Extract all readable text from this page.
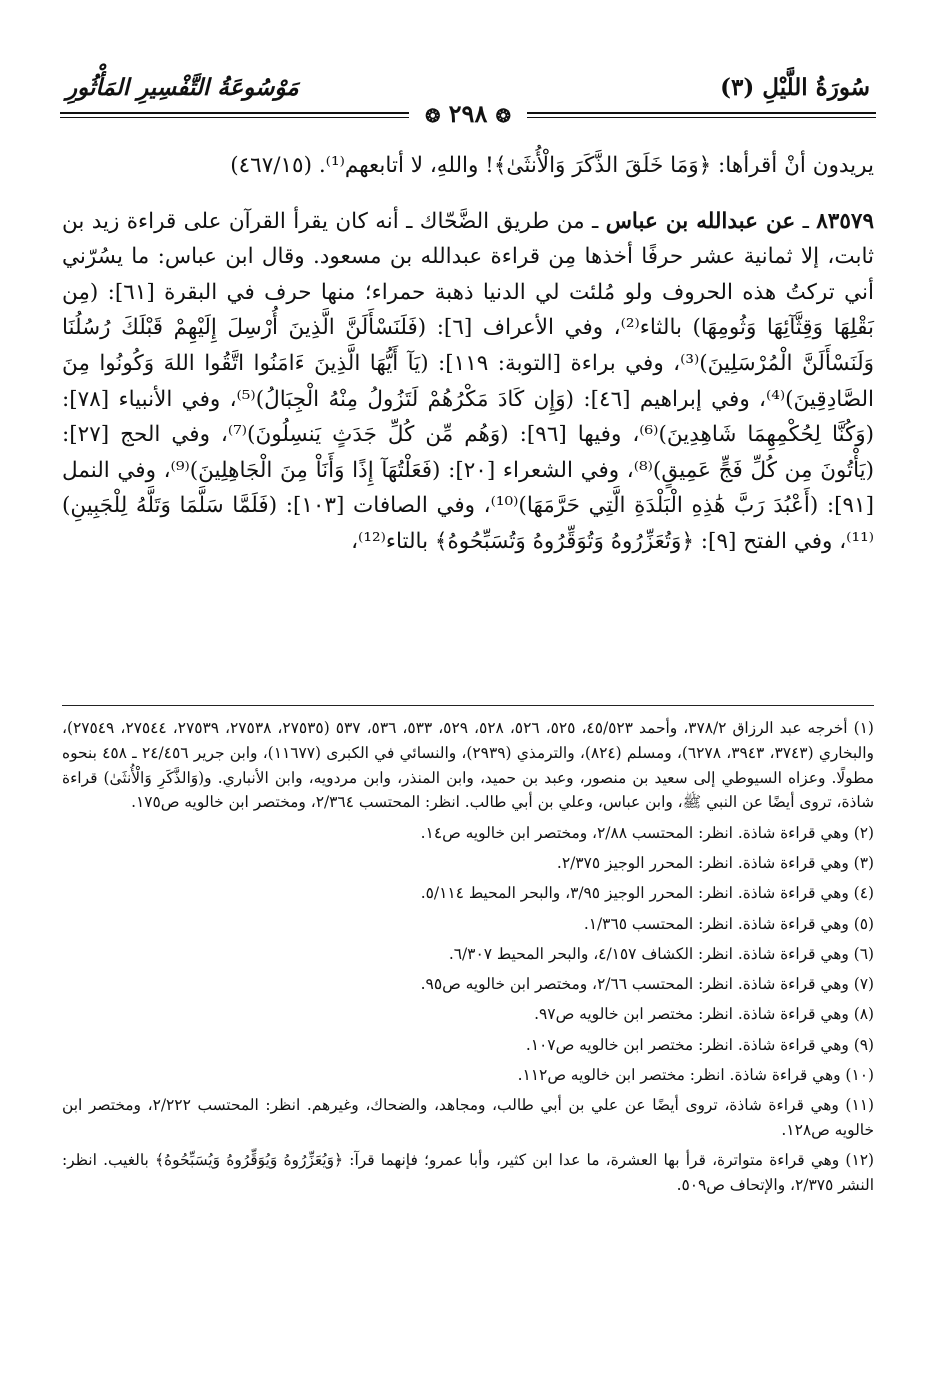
سُورَةُ اللَّيْلِ (٣)
مَوْسُوعَةُ التَّفْسِيرِ المَأْثُورِ
❂ ٢٩٨ ❂

يريدون أنْ أقرأها: ﴿وَمَا خَلَقَ الذَّكَرَ وَالْأُنثَىٰ﴾! واللهِ، لا أتابعهم⁽¹⁾. (٤٦٧/١٥)

٨٣٥٧٩ ـ عن عبدالله بن عباس ـ من طريق الضَّحّاك ـ أنه كان يقرأ القرآن على قراءة زيد بن ثابت، إلا ثمانية عشر حرفًا أخذها مِن قراءة عبدالله بن مسعود. وقال ابن عباس: ما يسُرّني أني تركتُ هذه الحروف ولو مُلئت لي الدنيا ذهبة حمراء؛ منها حرف في البقرة [٦١]: (مِن بَقْلِهَا وَقِثَّآئِهَا وَثُومِهَا) بالثاء⁽²⁾، وفي الأعراف [٦]: (فَلَنَسْأَلَنَّ الَّذِينَ أُرْسِلَ إِلَيْهِمْ قَبْلَكَ رُسُلُنَا وَلَنَسْأَلَنَّ الْمُرْسَلِينَ)⁽³⁾، وفي براءة [التوبة: ١١٩]: (يَآ أَيُّهَا الَّذِينَ ءَامَنُوا اتَّقُوا اللهَ وَكُونُوا مِنَ الصَّادِقِينَ)⁽⁴⁾، وفي إبراهيم [٤٦]: (وَإِن كَادَ مَكْرُهُمْ لَتَزُولُ مِنْهُ الْجِبَالُ)⁽⁵⁾، وفي الأنبياء [٧٨]: (وَكُنَّا لِحُكْمِهِمَا شَاهِدِينَ)⁽⁶⁾، وفيها [٩٦]: (وَهُم مِّن كُلِّ جَدَثٍ يَنسِلُونَ)⁽⁷⁾، وفي الحج [٢٧]: (يَأْتُونَ مِن كُلِّ فَجٍّ عَمِيقٍ)⁽⁸⁾، وفي الشعراء [٢٠]: (فَعَلْتُهَآ إِذًا وَأَنَاْ مِنَ الْجَاهِلِينَ)⁽⁹⁾، وفي النمل [٩١]: (أَعْبُدَ رَبَّ هَٰذِهِ الْبَلْدَةِ الَّتِي حَرَّمَهَا)⁽¹⁰⁾، وفي الصافات [١٠٣]: (فَلَمَّا سَلَّمَا وَتَلَّهُ لِلْجَبِينِ)⁽¹¹⁾، وفي الفتح [٩]: ﴿وَتُعَزِّرُوهُ وَتُوَقِّرُوهُ وَتُسَبِّحُوهُ﴾ بالتاء⁽¹²⁾،

(١) أخرجه عبد الرزاق ٣٧٨/٢، وأحمد ٤٥/٥٢٣، ٥٢٥، ٥٢٦، ٥٢٨، ٥٢٩، ٥٣٣، ٥٣٦، ٥٣٧ (٢٧٥٣٥، ٢٧٥٣٨، ٢٧٥٣٩، ٢٧٥٤٤، ٢٧٥٤٩)، والبخاري (٣٧٤٣، ٣٩٤٣، ٦٢٧٨)، ومسلم (٨٢٤)، والترمذي (٢٩٣٩)، والنسائي في الكبرى (١١٦٧٧)، وابن جرير ٢٤/٤٥٦ ـ ٤٥٨ بنحوه مطولًا. وعزاه السيوطي إلى سعيد بن منصور، وعبد بن حميد، وابن المنذر، وابن مردويه، وابن الأنباري. و(وَالذَّكَرِ وَالْأُنثَىٰ) قراءة شاذة، تروى أيضًا عن النبي ﷺ، وابن عباس، وعلي بن أبي طالب. انظر: المحتسب ٢/٣٦٤، ومختصر ابن خالويه ص١٧٥.

(٢) وهي قراءة شاذة. انظر: المحتسب ٢/٨٨، ومختصر ابن خالويه ص١٤.

(٣) وهي قراءة شاذة. انظر: المحرر الوجيز ٢/٣٧٥.

(٤) وهي قراءة شاذة. انظر: المحرر الوجيز ٣/٩٥، والبحر المحيط ٥/١١٤.

(٥) وهي قراءة شاذة. انظر: المحتسب ١/٣٦٥.

(٦) وهي قراءة شاذة. انظر: الكشاف ٤/١٥٧، والبحر المحيط ٦/٣٠٧.

(٧) وهي قراءة شاذة. انظر: المحتسب ٢/٦٦، ومختصر ابن خالويه ص٩٥.

(٨) وهي قراءة شاذة. انظر: مختصر ابن خالويه ص٩٧.

(٩) وهي قراءة شاذة. انظر: مختصر ابن خالويه ص١٠٧.

(١٠) وهي قراءة شاذة. انظر: مختصر ابن خالويه ص١١٢.

(١١) وهي قراءة شاذة، تروى أيضًا عن علي بن أبي طالب، ومجاهد، والضحاك، وغيرهم. انظر: المحتسب ٢/٢٢٢، ومختصر ابن خالويه ص١٢٨.

(١٢) وهي قراءة متواترة، قرأ بها العشرة، ما عدا ابن كثير، وأبا عمرو؛ فإنهما قرآ: ﴿وَيُعَزِّرُوهُ وَيُوَقِّرُوهُ وَيُسَبِّحُوهُ﴾ بالغيب. انظر: النشر ٢/٣٧٥، والإتحاف ص٥٠٩.
